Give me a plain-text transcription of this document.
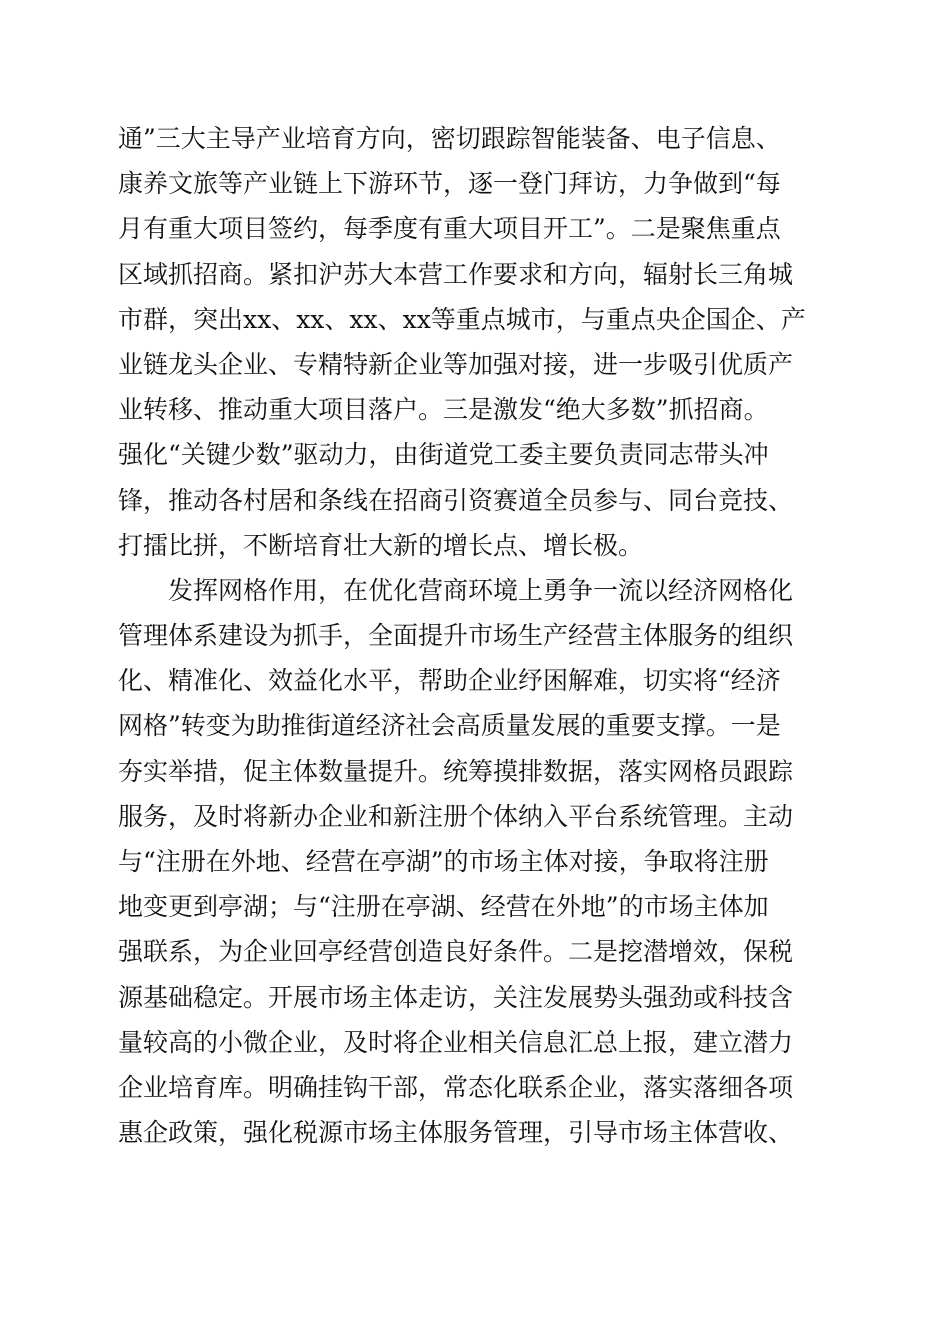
通”三大主导产业培育方向，密切跟踪智能装备、电子信息、
康养文旅等产业链上下游环节，逐一登门拜访，力争做到“每
月有重大项目签约，每季度有重大项目开工”。二是聚焦重点
区域抓招商。紧扣沪苏大本营工作要求和方向，辐射长三角城
市群，突出xx、xx、xx、xx等重点城市，与重点央企国企、产
业链龙头企业、专精特新企业等加强对接，进一步吸引优质产
业转移、推动重大项目落户。三是激发“绝大多数”抓招商。
强化“关键少数”驱动力，由街道党工委主要负责同志带头冲
锋，推动各村居和条线在招商引资赛道全员参与、同台竞技、
打擂比拼，不断培育壮大新的增长点、增长极。
　　发挥网格作用，在优化营商环境上勇争一流以经济网格化
管理体系建设为抓手，全面提升市场生产经营主体服务的组织
化、精准化、效益化水平，帮助企业纾困解难，切实将“经济
网格”转变为助推街道经济社会高质量发展的重要支撑。一是
夯实举措，促主体数量提升。统筹摸排数据，落实网格员跟踪
服务，及时将新办企业和新注册个体纳入平台系统管理。主动
与“注册在外地、经营在亭湖”的市场主体对接，争取将注册
地变更到亭湖；与“注册在亭湖、经营在外地”的市场主体加
强联系，为企业回亭经营创造良好条件。二是挖潜增效，保税
源基础稳定。开展市场主体走访，关注发展势头强劲或科技含
量较高的小微企业，及时将企业相关信息汇总上报，建立潜力
企业培育库。明确挂钩干部，常态化联系企业，落实落细各项
惠企政策，强化税源市场主体服务管理，引导市场主体营收、
